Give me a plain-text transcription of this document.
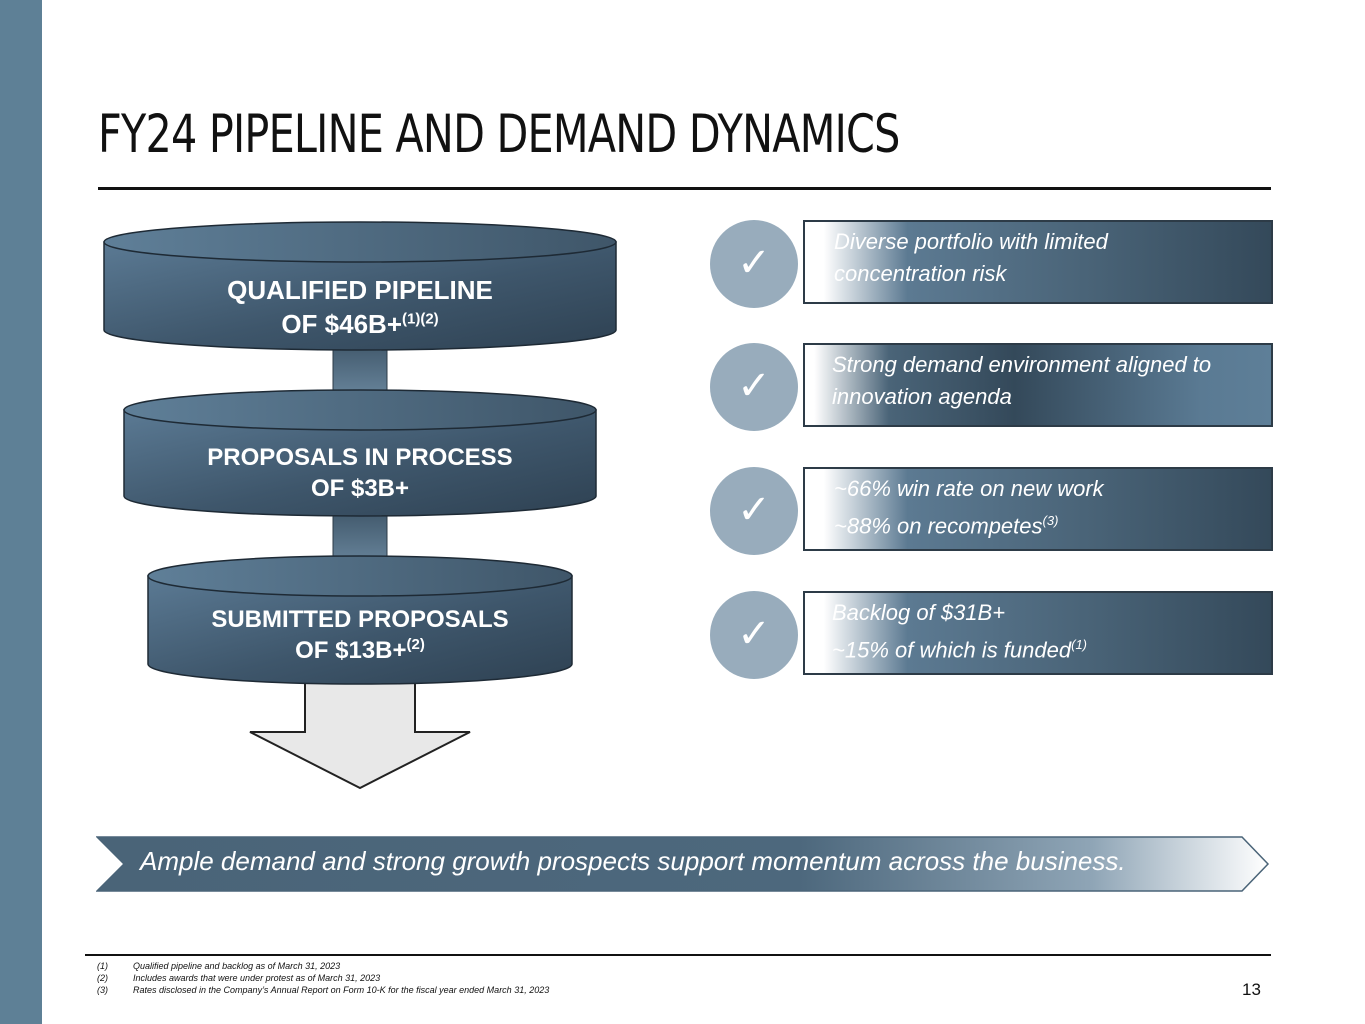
FY24 PIPELINE AND DEMAND DYNAMICS
QUALIFIED PIPELINE
OF $46B+$^{(1)(2)}$
PROPOSALS IN PROCESS
OF $3B+
SUBMITTED PROPOSALS
OF $13B+$^{(2)}$
✓	Diverse portfolio with limited
concentration risk
✓	Strong demand environment aligned to
innovation agenda
✓	~66% win rate on new work
~88% on recompetes$^{(3)}$
✓	Backlog of $31B+
~15% of which is funded$^{(1)}$
Ample demand and strong growth prospects support momentum across the business.
(1)	Qualified pipeline and backlog as of March 31, 2023
(2)	Includes awards that were under protest as of March 31, 2023
(3)	Rates disclosed in the Company’s Annual Report on Form 10-K for the fiscal year ended March 31, 2023	13
